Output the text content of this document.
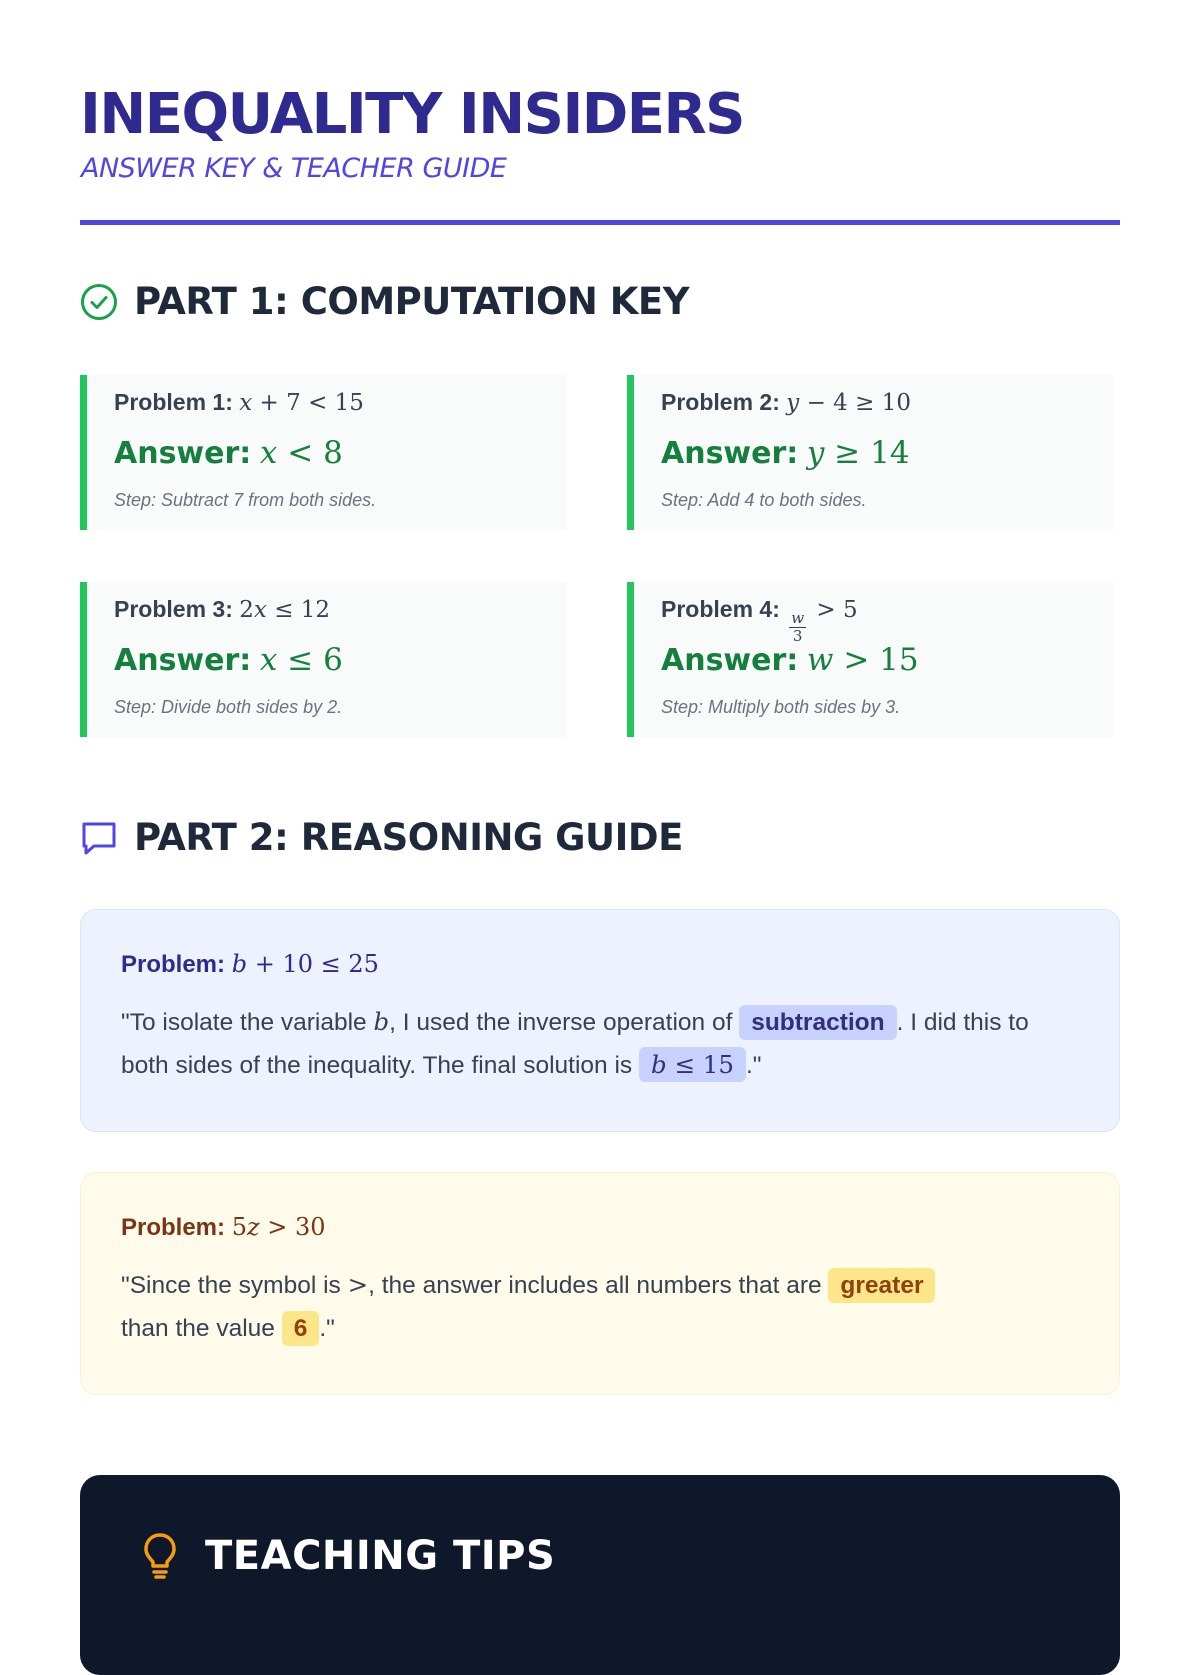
INEQUALITY INSIDERS
ANSWER KEY & TEACHER GUIDE
PART 1: COMPUTATION KEY
Problem 1: x + 7 < 15
Answer: x < 8
Step: Subtract 7 from both sides.
Problem 2: y − 4 ≥ 10
Answer: y ≥ 14
Step: Add 4 to both sides.
Problem 3: 2x ≤ 12
Answer: x ≤ 6
Step: Divide both sides by 2.
Problem 4:
$\frac{w}{3}$
> 5
Answer: w > 15
Step: Multiply both sides by 3.
PART 2: REASONING GUIDE
Problem: b + 10 ≤ 25
"To isolate the variable b, I used the inverse operation of subtraction . I did this to both sides of the inequality. The final solution is b ≤ 15 ."
Problem: 5z > 30
"Since the symbol is >, the answer includes all numbers that are greater
than the value 6 ."
TEACHING TIPS
